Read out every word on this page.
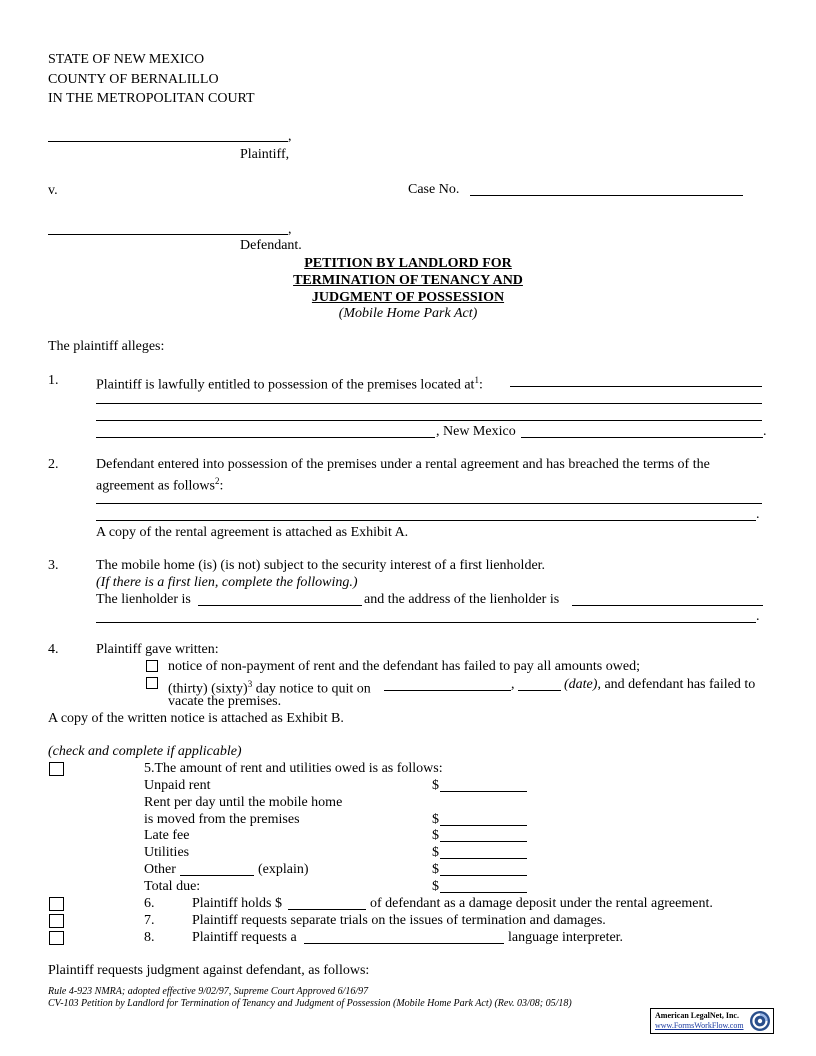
STATE OF NEW MEXICO
COUNTY OF BERNALILLO
IN THE METROPOLITAN COURT
,
Plaintiff,
v.	Case No.
,
Defendant.
PETITION BY LANDLORD FOR
TERMINATION OF TENANCY AND
JUDGMENT OF POSSESSION
(Mobile Home Park Act)
The plaintiff alleges:
1.	Plaintiff is lawfully entitled to possession of the premises located $at^1$:
, New Mexico	.
2.	Defendant entered into possession of the premises under a rental agreement and has breached the terms of the
agreement as follows$^2$:
.
A copy of the rental agreement is attached as Exhibit A.
3.	The mobile home (is) (is not) subject to the security interest of a first lienholder.
(If there is a first lien, complete the following.)
The lienholder is	and the address of the lienholder is
.
4.	Plaintiff gave written:
notice of non-payment of rent and the defendant has failed to pay all amounts owed;
(thirty) (sixty)$^3$ day notice to quit on	,	(date), and defendant has failed to
vacate the premises.
A copy of the written notice is attached as Exhibit B.
(check and complete if applicable)
5.The amount of rent and utilities owed is as follows:
Unpaid rent	$
Rent per day until the mobile home
is moved from the premises	$
Late fee	$
Utilities	$
Other	(explain)	$
Total due:	$
6.	Plaintiff holds $	of defendant as a damage deposit under the rental agreement.
7.	Plaintiff requests separate trials on the issues of termination and damages.
8.	Plaintiff requests a	language interpreter.
Plaintiff requests judgment against defendant, as follows:
Rule 4-923 NMRA; adopted effective 9/02/97, Supreme Court Approved 6/16/97
CV-103 Petition by Landlord for Termination of Tenancy and Judgment of Possession (Mobile Home Park Act) (Rev. 03/08; 05/18)
American LegalNet, Inc.
www.FormsWorkFlow.com
